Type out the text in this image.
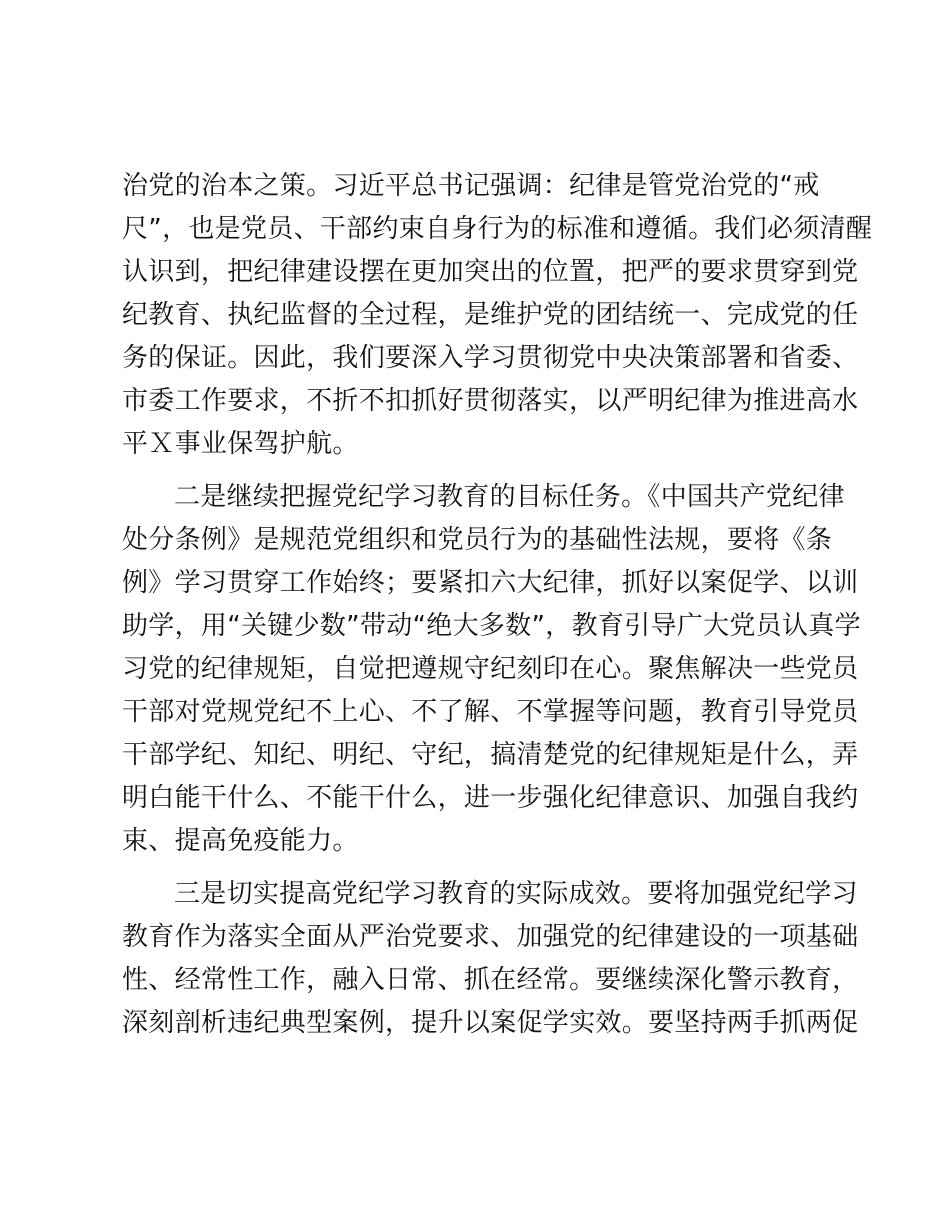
治党的治本之策。习近平总书记强调：纪律是管党治党的“戒
尺”，也是党员、干部约束自身行为的标准和遵循。我们必须清醒
认识到，把纪律建设摆在更加突出的位置，把严的要求贯穿到党
纪教育、执纪监督的全过程，是维护党的团结统一、完成党的任
务的保证。因此，我们要深入学习贯彻党中央决策部署和省委、
市委工作要求，不折不扣抓好贯彻落实，以严明纪律为推进高水
平Ｘ事业保驾护航。
二是继续把握党纪学习教育的目标任务。《中国共产党纪律
处分条例》是规范党组织和党员行为的基础性法规，要将《条
例》学习贯穿工作始终；要紧扣六大纪律，抓好以案促学、以训
助学，用“关键少数”带动“绝大多数”，教育引导广大党员认真学
习党的纪律规矩，自觉把遵规守纪刻印在心。聚焦解决一些党员
干部对党规党纪不上心、不了解、不掌握等问题，教育引导党员
干部学纪、知纪、明纪、守纪，搞清楚党的纪律规矩是什么，弄
明白能干什么、不能干什么，进一步强化纪律意识、加强自我约
束、提高免疫能力。
三是切实提高党纪学习教育的实际成效。要将加强党纪学习
教育作为落实全面从严治党要求、加强党的纪律建设的一项基础
性、经常性工作，融入日常、抓在经常。要继续深化警示教育，
深刻剖析违纪典型案例，提升以案促学实效。要坚持两手抓两促
